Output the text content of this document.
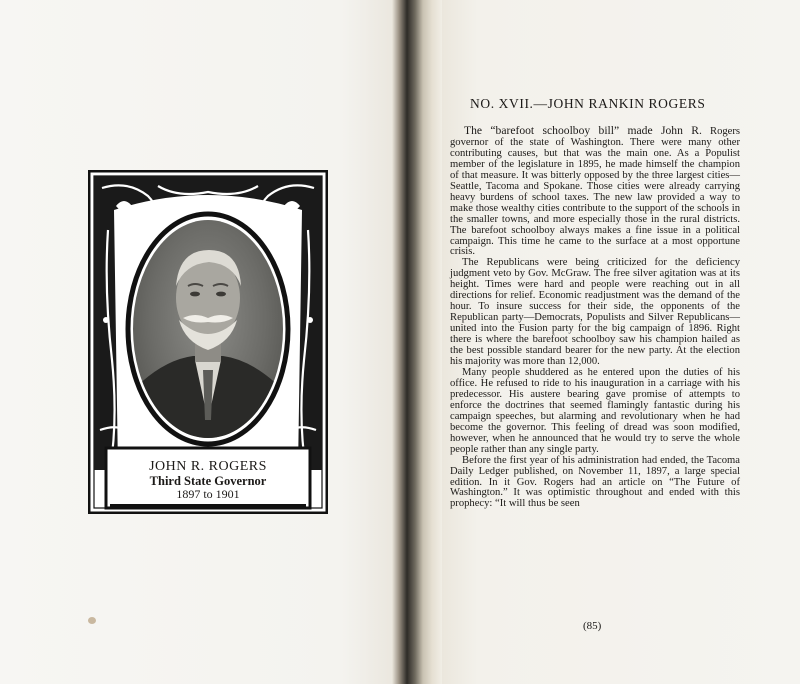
JOHN R. ROGERS
Third State Governor
1897 to 1901
NO. XVII.—JOHN RANKIN ROGERS

The “barefoot schoolboy bill” made John R. Rogers governor of the state of Washington. There were many other contributing causes, but that was the main one. As a Populist member of the legislature in 1895, he made himself the champion of that measure. It was bitterly opposed by the three largest cities—Seattle, Tacoma and Spokane. Those cities were already carrying heavy burdens of school taxes. The new law provided a way to make those wealthy cities contribute to the support of the schools in the smaller towns, and more especially those in the rural districts. The barefoot schoolboy always makes a fine issue in a political campaign. This time he came to the surface at a most opportune crisis.

The Republicans were being criticized for the deficiency judgment veto by Gov. McGraw. The free silver agitation was at its height. Times were hard and people were reaching out in all directions for relief. Economic readjustment was the demand of the hour. To insure success for their side, the opponents of the Republican party—Democrats, Populists and Silver Republicans—united into the Fusion party for the big campaign of 1896. Right there is where the barefoot schoolboy saw his champion hailed as the best possible standard bearer for the new party. At the election his majority was more than 12,000.

Many people shuddered as he entered upon the duties of his office. He refused to ride to his inauguration in a carriage with his predecessor. His austere bearing gave promise of attempts to enforce the doctrines that seemed flamingly fantastic during his campaign speeches, but alarming and revolutionary when he had become the governor. This feeling of dread was soon modified, however, when he announced that he would try to serve the whole people rather than any single party.

Before the first year of his administration had ended, the Tacoma Daily Ledger published, on November 11, 1897, a large special edition. In it Gov. Rogers had an article on “The Future of Washington.” It was optimistic throughout and ended with this prophecy: “It will thus be seen

(85)
